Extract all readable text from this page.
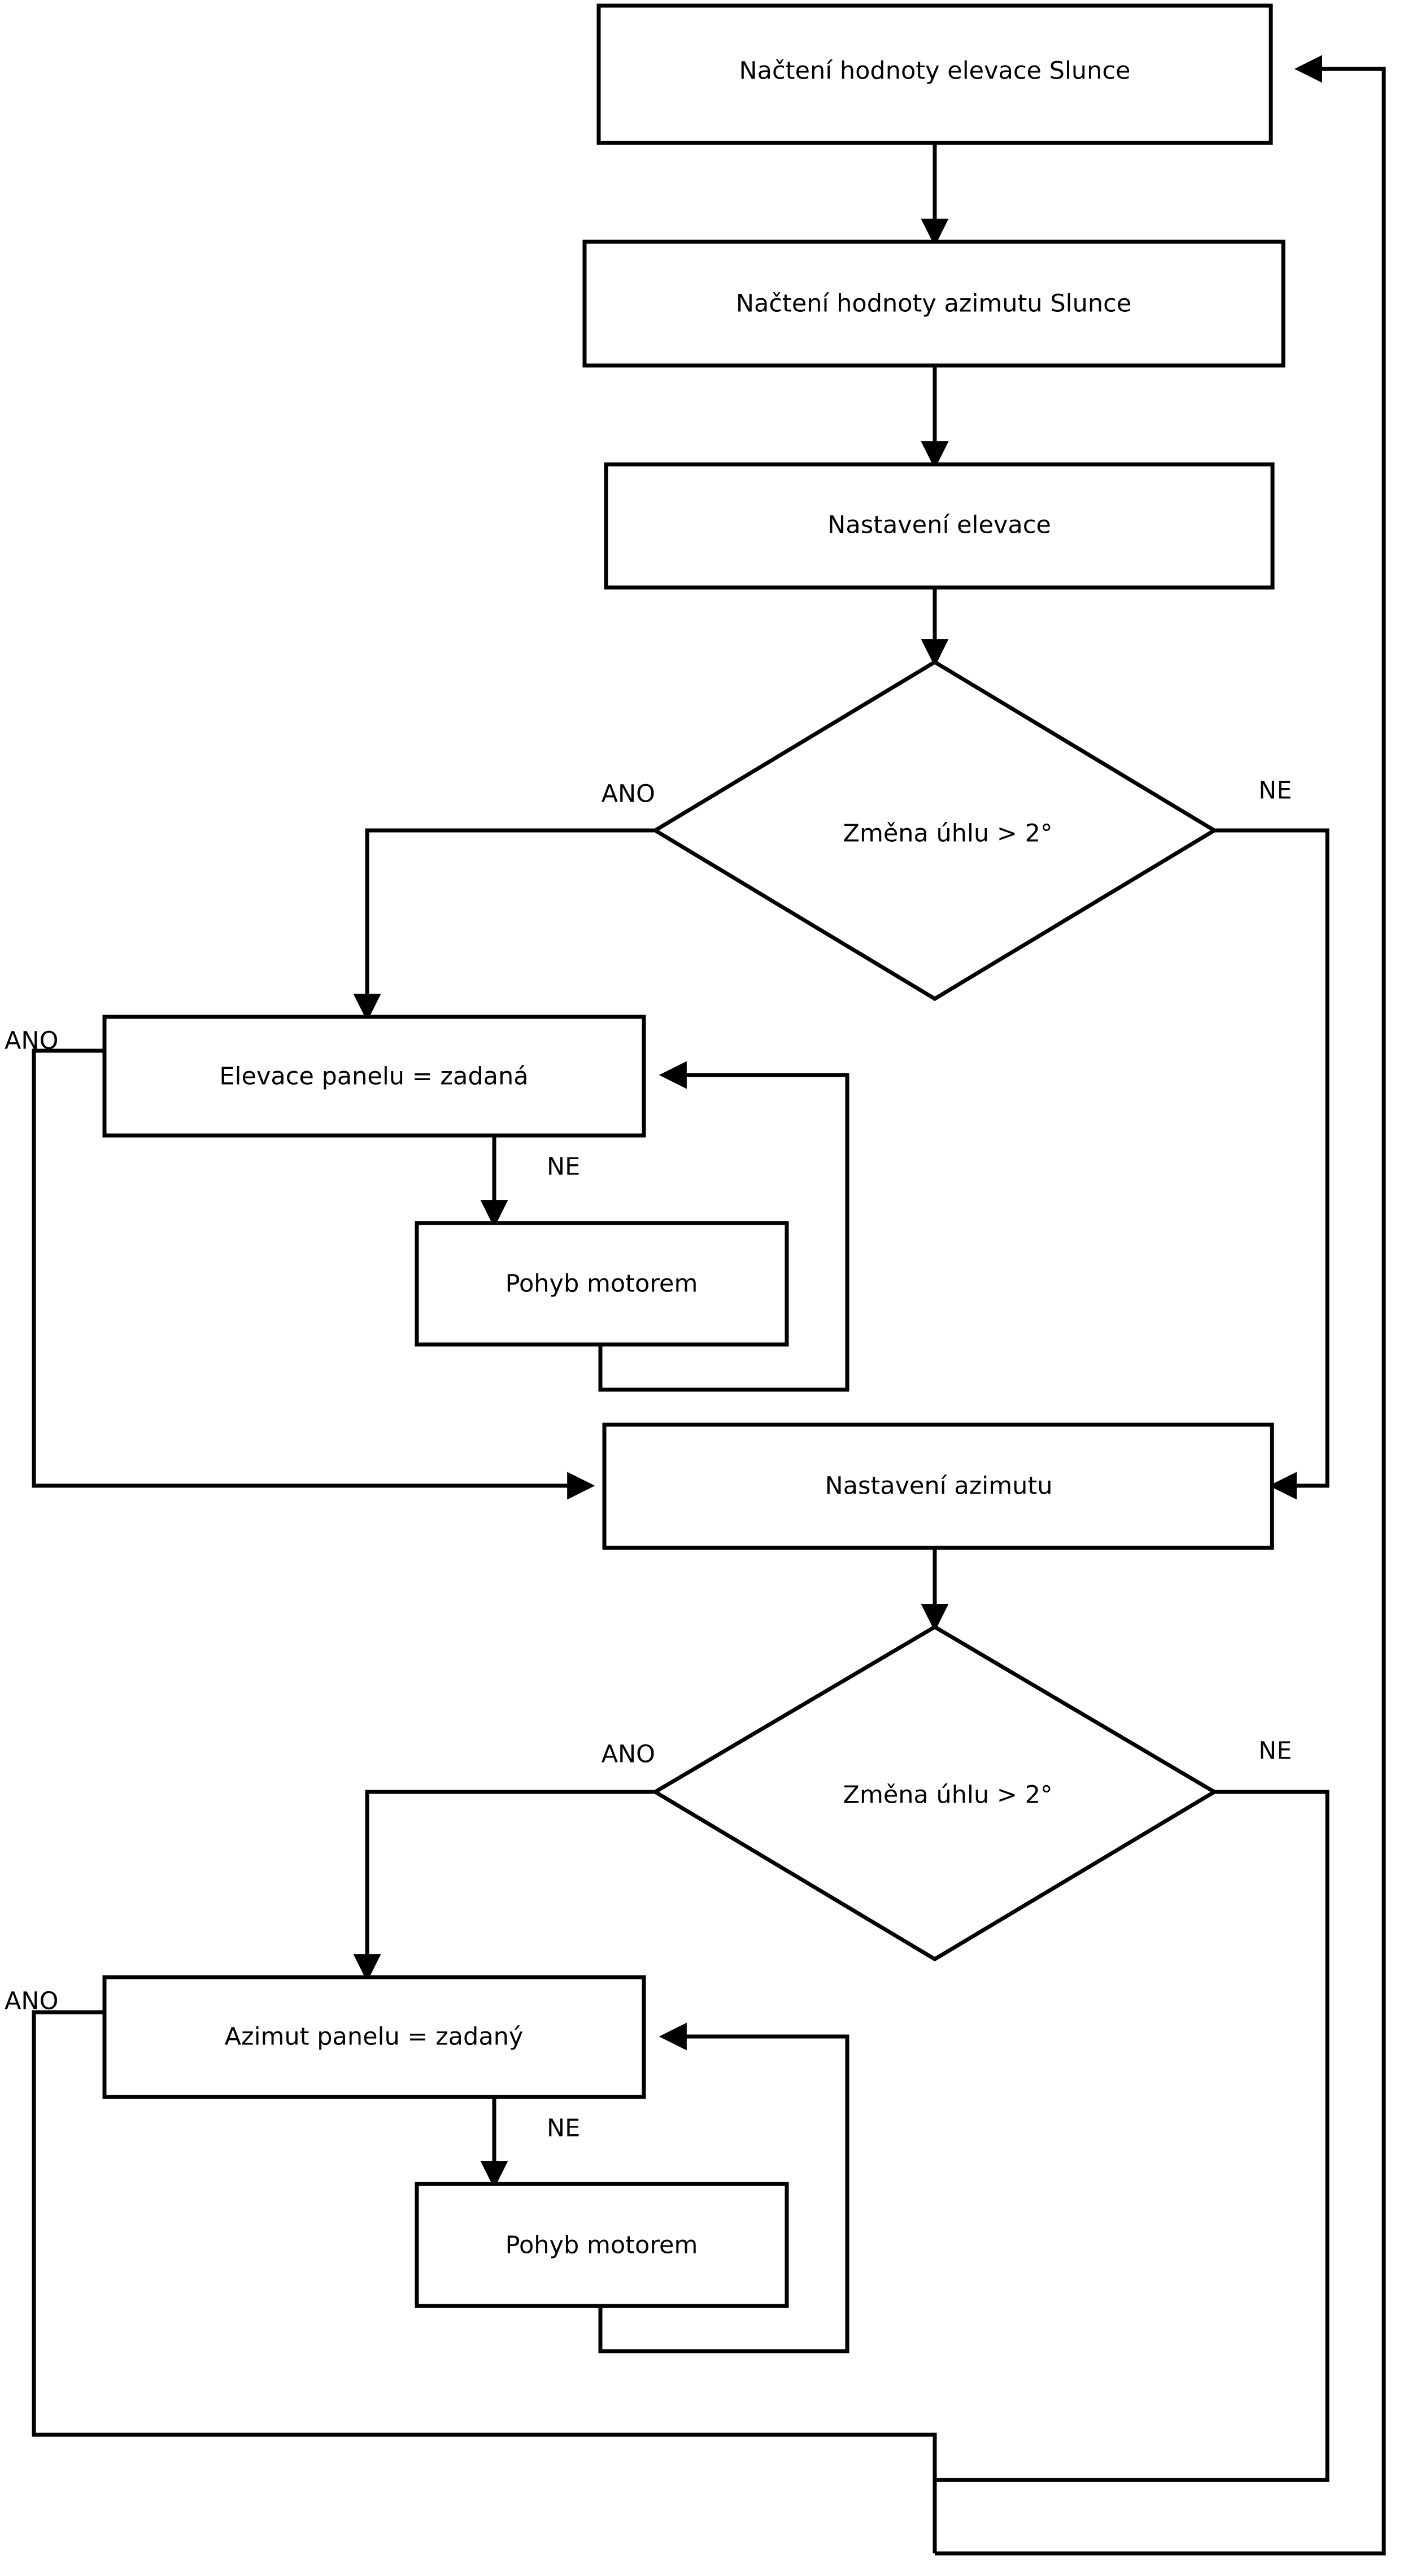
Načtení hodnoty elevace Slunce
Načtení hodnoty azimutu Slunce
Nastavení elevace
Změna úhlu > 2°
Elevace panelu = zadaná
Pohyb motorem
Nastavení azimutu
Změna úhlu > 2°
Azimut panelu = zadaný
Pohyb motorem
ANO	NE
ANO
NE
ANO	NE
ANO
NE
